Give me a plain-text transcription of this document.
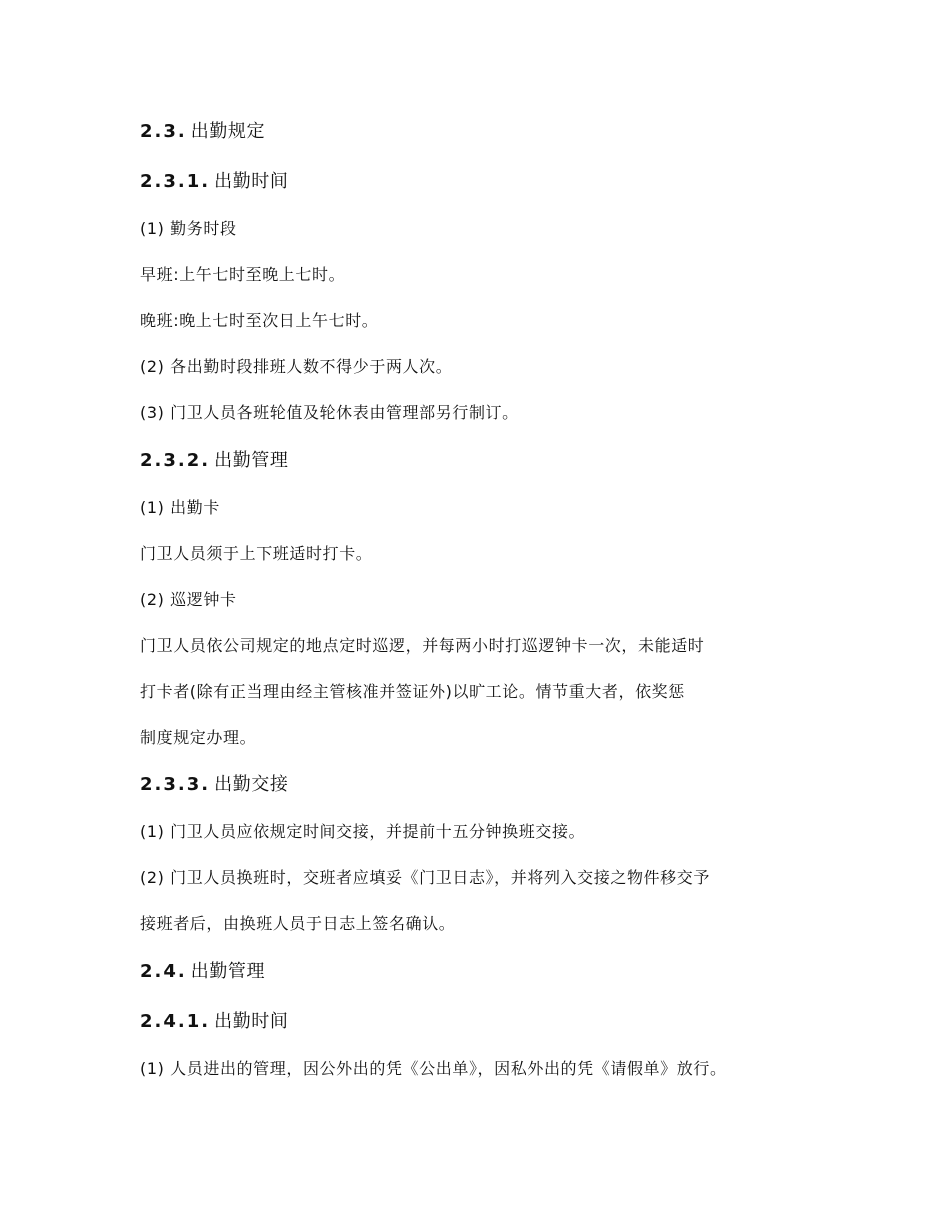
2.3. 出勤规定
2.3.1. 出勤时间
(1) 勤务时段
早班:上午七时至晚上七时。
晚班:晚上七时至次日上午七时。
(2) 各出勤时段排班人数不得少于两人次。
(3) 门卫人员各班轮值及轮休表由管理部另行制订。
2.3.2. 出勤管理
(1) 出勤卡
门卫人员须于上下班适时打卡。
(2) 巡逻钟卡
门卫人员依公司规定的地点定时巡逻，并每两小时打巡逻钟卡一次，未能适时
打卡者(除有正当理由经主管核准并签证外)以旷工论。情节重大者，依奖惩
制度规定办理。
2.3.3. 出勤交接
(1) 门卫人员应依规定时间交接，并提前十五分钟换班交接。
(2) 门卫人员换班时，交班者应填妥《门卫日志》，并将列入交接之物件移交予
接班者后，由换班人员于日志上签名确认。
2.4. 出勤管理
2.4.1. 出勤时间
(1) 人员进出的管理，因公外出的凭《公出单》，因私外出的凭《请假单》放行。
